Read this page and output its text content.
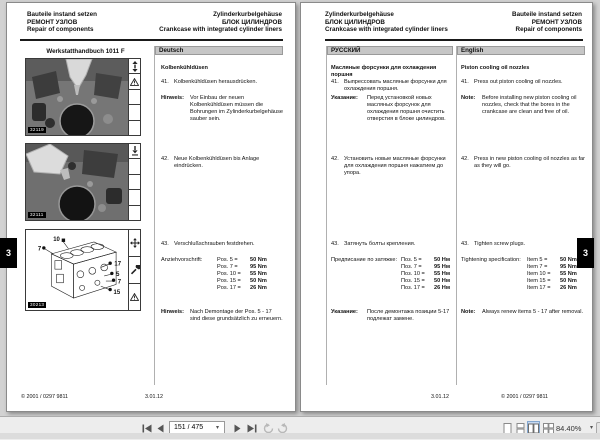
Bauteile instand setzen
РЕМОНТ УЗЛОВ
Repair of components
Zylinderkurbelgehäuse
БЛОК ЦИЛИНДРОВ
Crankcase with integrated cylinder liners
Werkstatthandbuch 1011 F	Deutsch
32119
32111
10
7
17
5
7
15
30213
Kolbenkühldüsen
41. Kolbenkühldüsen herausdrücken.
Hinweis:	Vor Einbau der neuen Kolbenkühldüsen müssen die Bohrungen im Zylinderkurbelgehäuse sauber sein.
42. Neue Kolbenkühldüsen bis Anlage eindrücken.
43. Verschlußschrauben festdrehen.
Anziehvorschrift:	Pos. 5 =	50 Nm
Pos. 7 =	95 Nm
Pos. 10 =	55 Nm
Pos. 15 =	50 Nm
Pos. 17 =	26 Nm
Hinweis:	Nach Demontage der Pos. 5 - 17 sind diese grundsätzlich zu erneuern.
© 2001 / 0297 9811	3.01.12
Zylinderkurbelgehäuse
БЛОК ЦИЛИНДРОВ
Crankcase with integrated cylinder liners
Bauteile instand setzen
РЕМОНТ УЗЛОВ
Repair of components
РУССКИЙ	English
Масляные форсунки для охлаждения поршня
41. Выпрессовать масляные форсунки для охлаждения поршня.
Указание:	Перед установкой новых масляных форсунок для охлаждения поршня очистить отверстия в блоке цилиндров.
42. Установить новые масляные форсунки для охлаждения поршня нажатием до упора.
43. Затянуть болты крепления.
Предписание по затяжке: Поз. 5 =	50 Нм
Поз. 7 =	95 Нм
Поз. 10 =	55 Нм
Поз. 15 =	50 Нм
Поз. 17 =	26 Нм
Указание:	После демонтажа позиции 5-17 подлежат замене.
Piston cooling oil nozzles
41. Press out piston cooling oil nozzles.
Note:	Before installing new piston cooling oil nozzles, check that the bores in the crankcase are clean and free of oil.
42. Press in new piston cooling oil nozzles as far as they will go.
43. Tighten screw plugs.
Tightening specification:	Item 5 =	50 Nm
Item 7 =	95 Nm
Item 10 =	55 Nm
Item 15 =	50 Nm
Item 17 =	26 Nm
Note:	Always renew items 5 - 17 after removal.
3.01.12	© 2001 / 0297 9811
3	3
151 / 475
▾	84.40% ▾
